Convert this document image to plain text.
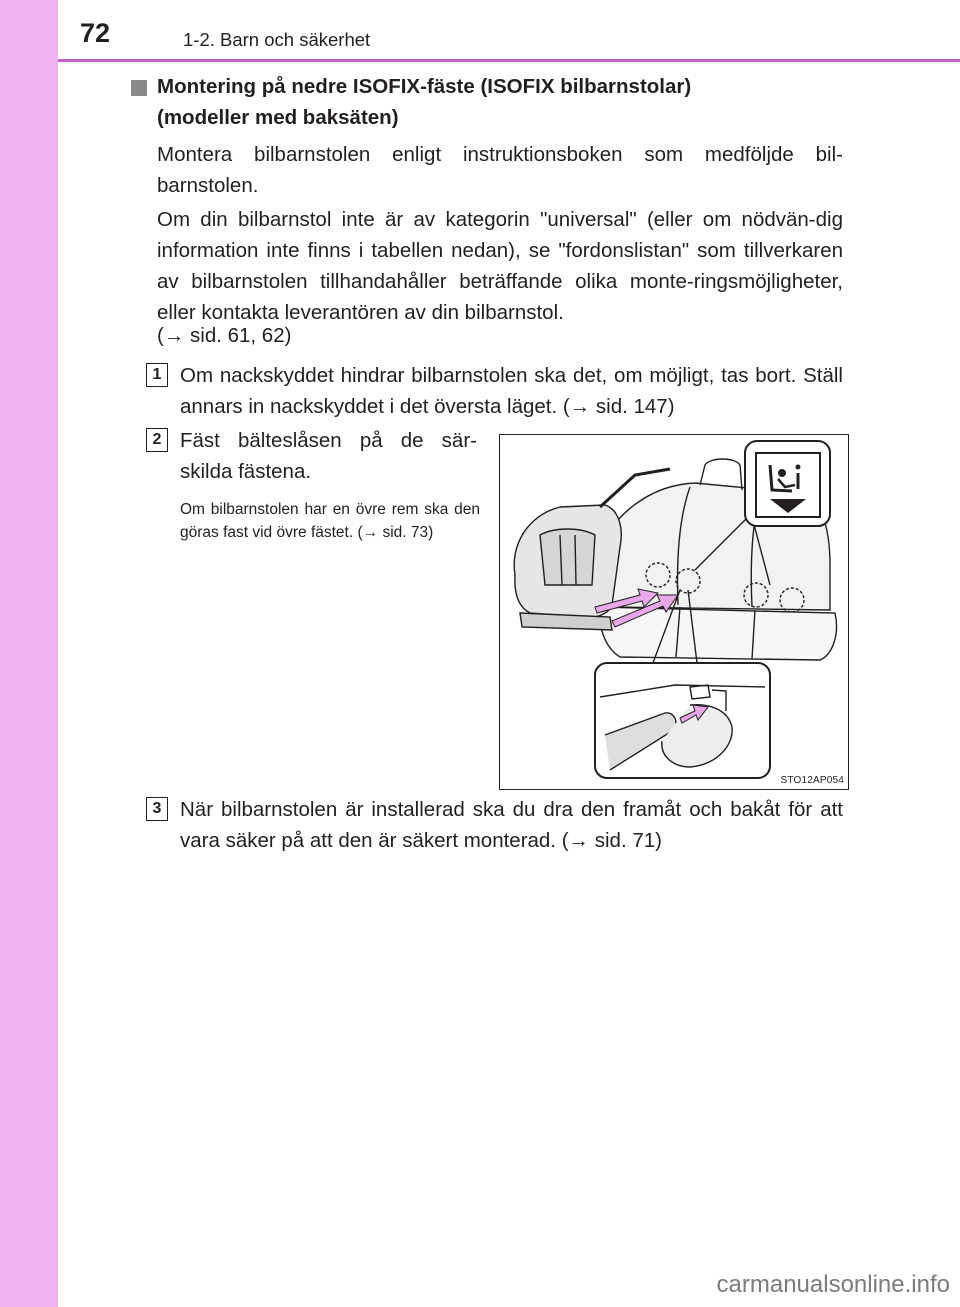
72	1-2. Barn och säkerhet
Montering på nedre ISOFIX-fäste (ISOFIX bilbarnstolar)
(modeller med baksäten)
Montera bilbarnstolen enligt instruktionsboken som medföljde bil-barnstolen.
Om din bilbarnstol inte är av kategorin "universal" (eller om nödvän-dig information inte finns i tabellen nedan), se "fordonslistan" som tillverkaren av bilbarnstolen tillhandahåller beträffande olika monte-ringsmöjligheter, eller kontakta leverantören av din bilbarnstol.
(→ sid. 61, 62)
1 Om nackskyddet hindrar bilbarnstolen ska det, om möjligt, tas bort. Ställ annars in nackskyddet i det översta läget. (→ sid. 147)
2 Fäst bälteslåsen på de sär-skilda fästena.
Om bilbarnstolen har en övre rem ska den göras fast vid övre fästet. (→ sid. 73)
STO12AP054
3 När bilbarnstolen är installerad ska du dra den framåt och bakåt för att vara säker på att den är säkert monterad. (→ sid. 71)
carmanualsonline.info
